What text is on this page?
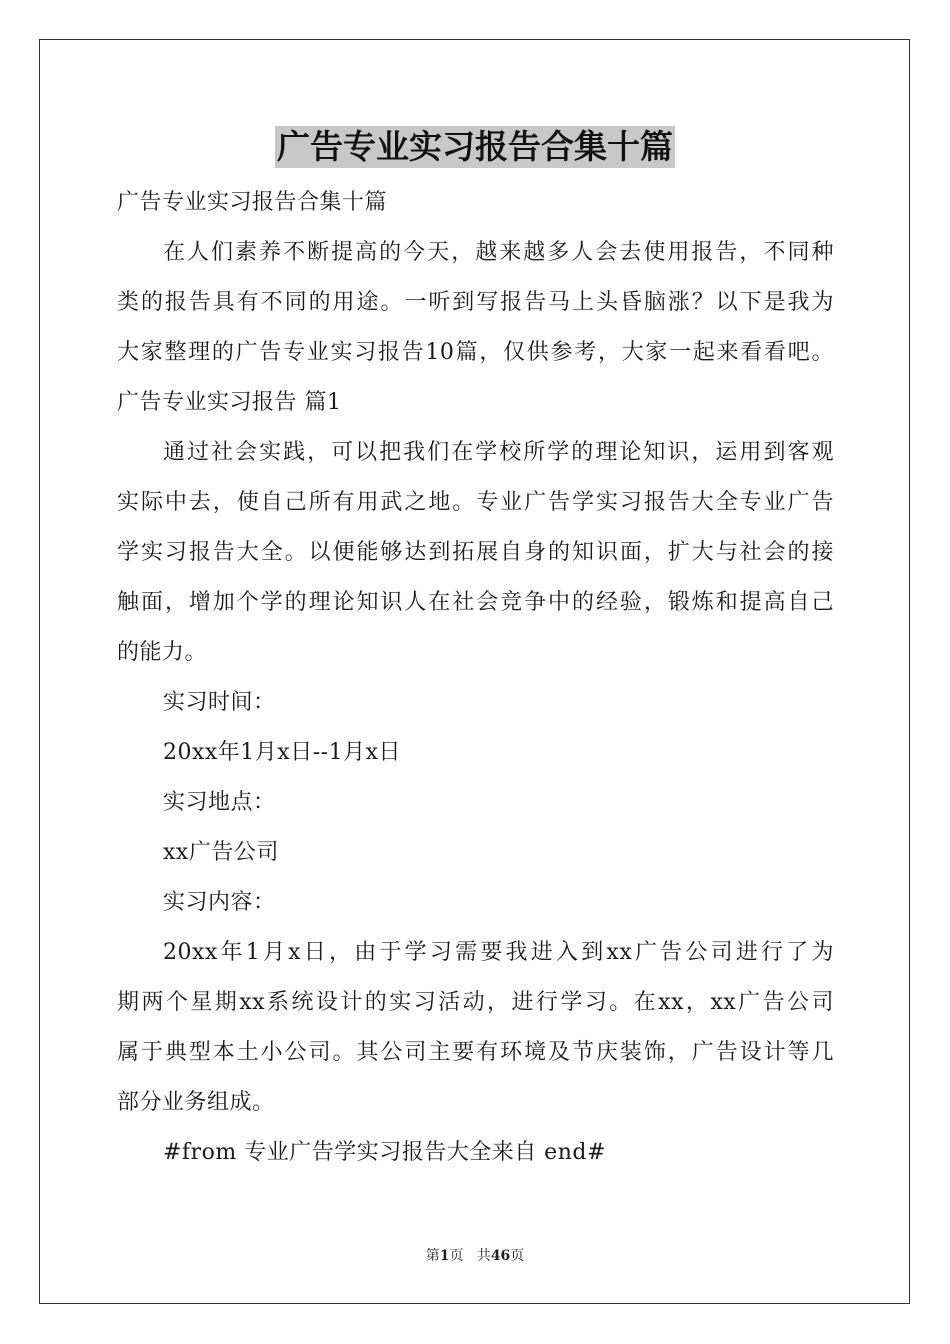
广告专业实习报告合集十篇
广告专业实习报告合集十篇
在人们素养不断提高的今天，越来越多人会去使用报告，不同种
类的报告具有不同的用途。一听到写报告马上头昏脑涨？以下是我为
大家整理的广告专业实习报告10篇，仅供参考，大家一起来看看吧。
广告专业实习报告 篇1
通过社会实践，可以把我们在学校所学的理论知识，运用到客观
实际中去，使自己所有用武之地。专业广告学实习报告大全专业广告
学实习报告大全。以便能够达到拓展自身的知识面，扩大与社会的接
触面，增加个学的理论知识人在社会竞争中的经验，锻炼和提高自己
的能力。
实习时间：
20xx年1月x日--1月x日
实习地点：
xx广告公司
实习内容：
20xx年1月x日，由于学习需要我进入到xx广告公司进行了为
期两个星期xx系统设计的实习活动，进行学习。在xx，xx广告公司
属于典型本土小公司。其公司主要有环境及节庆装饰，广告设计等几
部分业务组成。
#from 专业广告学实习报告大全来自 end#
第1页 共46页
